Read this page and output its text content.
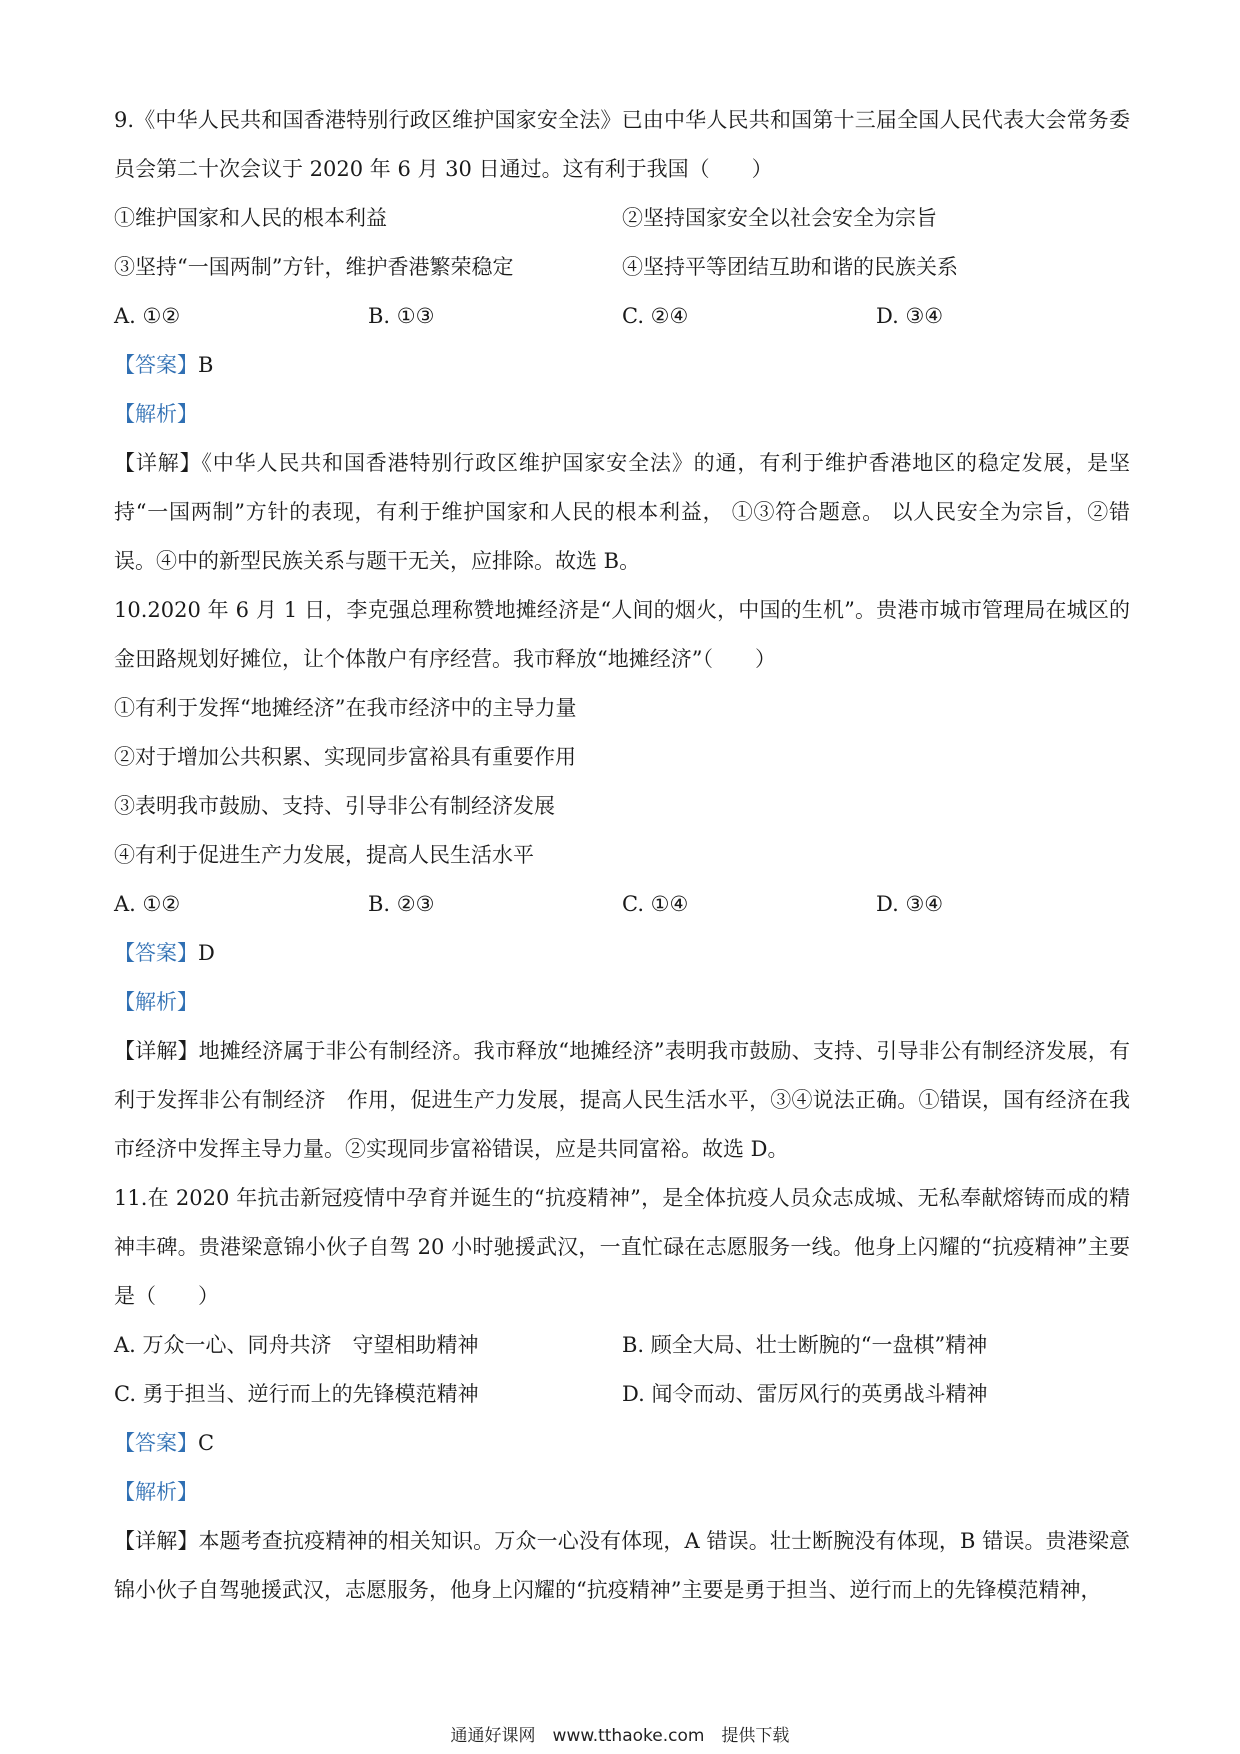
9.《中华人民共和国香港特别行政区维护国家安全法》已由中华人民共和国第十三届全国人民代表大会常务委员会第二十次会议于 2020 年 6 月 30 日通过。这有利于我国（　　）
①维护国家和人民的根本利益	②坚持国家安全以社会安全为宗旨
③坚持“一国两制”方针，维护香港繁荣稳定	④坚持平等团结互助和谐的民族关系
A. ①②	B. ①③	C. ②④	D. ③④
【答案】B
【解析】
【详解】《中华人民共和国香港特别行政区维护国家安全法》的通，有利于维护香港地区的稳定发展，是坚持“一国两制”方针的表现，有利于维护国家和人民的根本利益， ①③符合题意。 以人民安全为宗旨，②错误。④中的新型民族关系与题干无关，应排除。故选 B。
10.2020 年 6 月 1 日，李克强总理称赞地摊经济是“人间的烟火，中国的生机”。贵港市城市管理局在城区的金田路规划好摊位，让个体散户有序经营。我市释放“地摊经济”（　　）
①有利于发挥“地摊经济”在我市经济中的主导力量
②对于增加公共积累、实现同步富裕具有重要作用
③表明我市鼓励、支持、引导非公有制经济发展
④有利于促进生产力发展，提高人民生活水平
A. ①②	B. ②③	C. ①④	D. ③④
【答案】D
【解析】
【详解】地摊经济属于非公有制经济。我市释放“地摊经济”表明我市鼓励、支持、引导非公有制经济发展，有利于发挥非公有制经济　作用，促进生产力发展，提高人民生活水平，③④说法正确。①错误，国有经济在我市经济中发挥主导力量。②实现同步富裕错误，应是共同富裕。故选 D。
11.在 2020 年抗击新冠疫情中孕育并诞生的“抗疫精神”，是全体抗疫人员众志成城、无私奉献熔铸而成的精神丰碑。贵港梁意锦小伙子自驾 20 小时驰援武汉，一直忙碌在志愿服务一线。他身上闪耀的“抗疫精神”主要是（　　）
A. 万众一心、同舟共济　守望相助精神	B. 顾全大局、壮士断腕的“一盘棋”精神
C. 勇于担当、逆行而上的先锋模范精神	D. 闻令而动、雷厉风行的英勇战斗精神
【答案】C
【解析】
【详解】本题考查抗疫精神的相关知识。万众一心没有体现，A 错误。壮士断腕没有体现，B 错误。贵港梁意锦小伙子自驾驰援武汉，志愿服务，他身上闪耀的“抗疫精神”主要是勇于担当、逆行而上的先锋模范精神，
通通好课网　www.tthaoke.com　提供下载
